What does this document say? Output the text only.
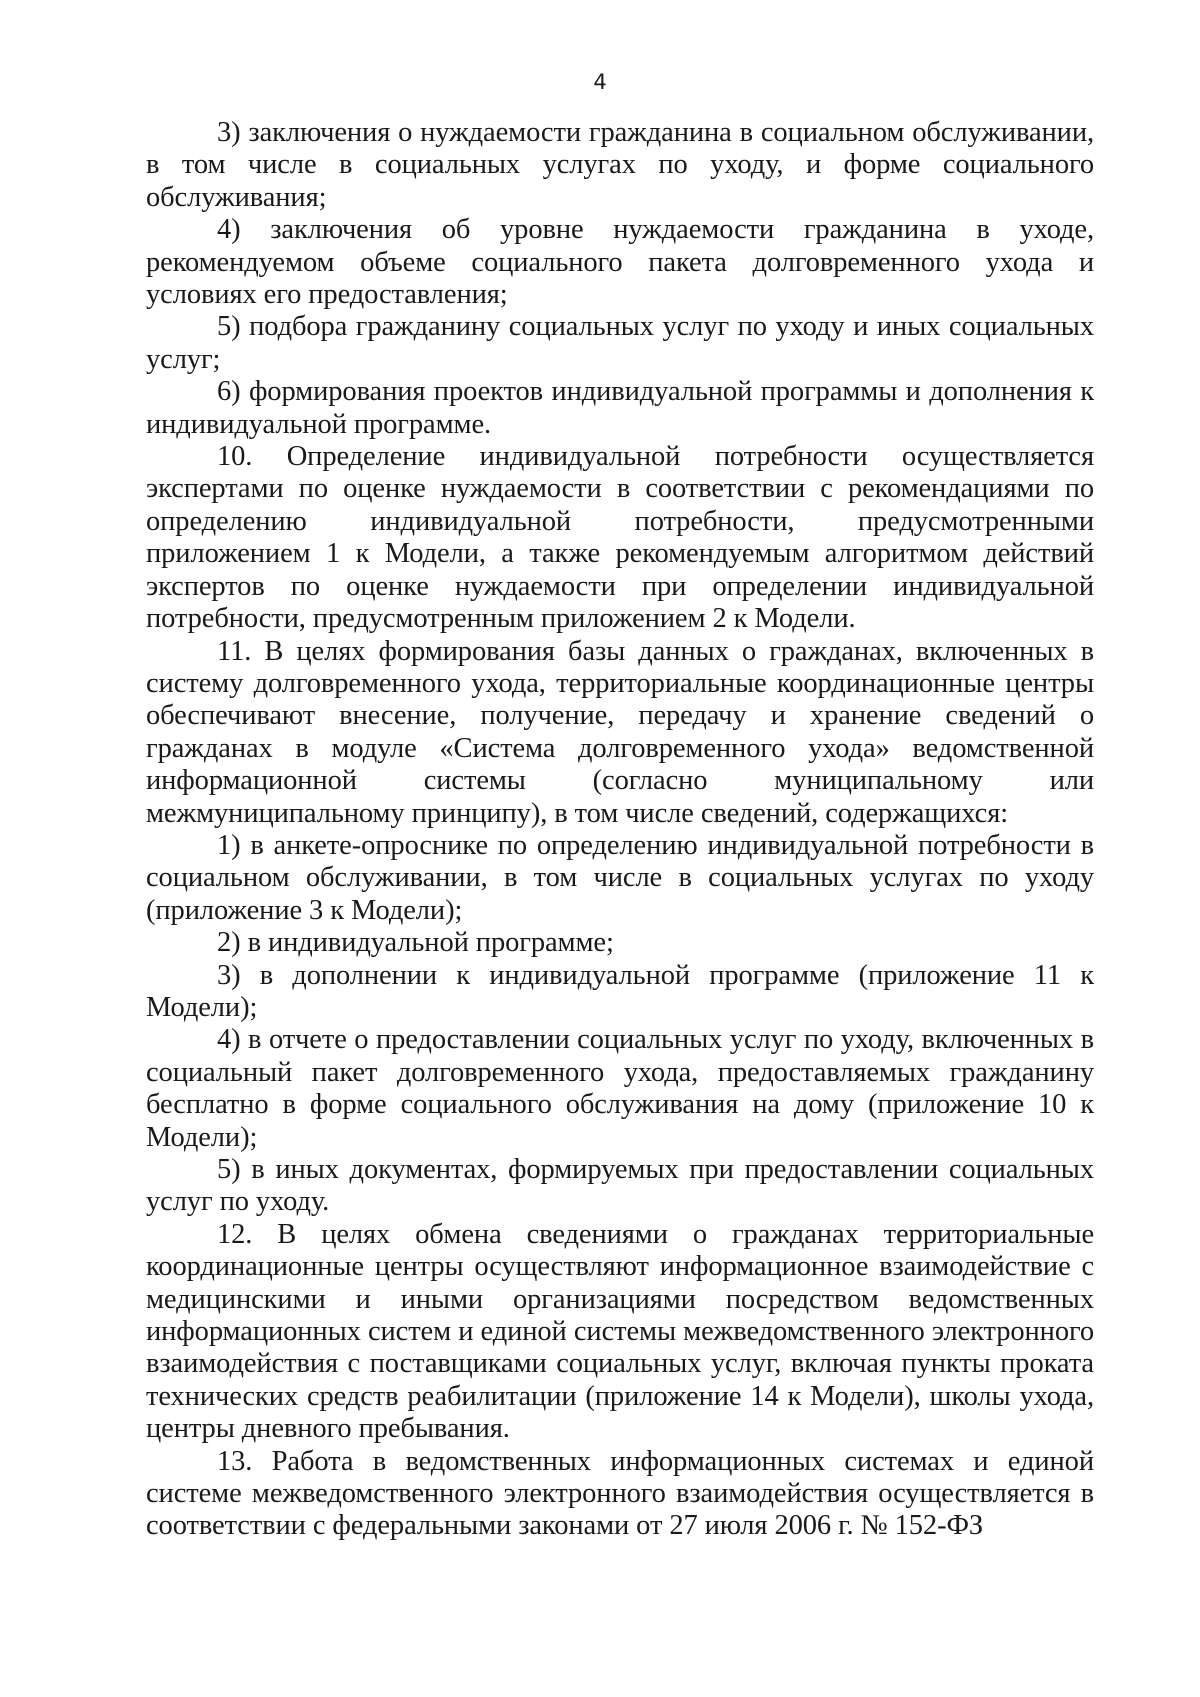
4

3) заключения о нуждаемости гражданина в социальном обслуживании, в том числе в социальных услугах по уходу, и форме социального обслуживания;

4) заключения об уровне нуждаемости гражданина в уходе, рекомендуемом объеме социального пакета долговременного ухода и условиях его предоставления;

5) подбора гражданину социальных услуг по уходу и иных социальных услуг;

6) формирования проектов индивидуальной программы и дополнения к индивидуальной программе.

10. Определение индивидуальной потребности осуществляется экспертами по оценке нуждаемости в соответствии с рекомендациями по определению индивидуальной потребности, предусмотренными приложением 1 к Модели, а также рекомендуемым алгоритмом действий экспертов по оценке нуждаемости при определении индивидуальной потребности, предусмотренным приложением 2 к Модели.

11. В целях формирования базы данных о гражданах, включенных в систему долговременного ухода, территориальные координационные центры обеспечивают внесение, получение, передачу и хранение сведений о гражданах в модуле «Система долговременного ухода» ведомственной информационной системы (согласно муниципальному или межмуниципальному принципу), в том числе сведений, содержащихся:

1) в анкете-опроснике по определению индивидуальной потребности в социальном обслуживании, в том числе в социальных услугах по уходу (приложение 3 к Модели);

2) в индивидуальной программе;

3) в дополнении к индивидуальной программе (приложение 11 к Модели);

4) в отчете о предоставлении социальных услуг по уходу, включенных в социальный пакет долговременного ухода, предоставляемых гражданину бесплатно в форме социального обслуживания на дому (приложение 10 к Модели);

5) в иных документах, формируемых при предоставлении социальных услуг по уходу.

12. В целях обмена сведениями о гражданах территориальные координационные центры осуществляют информационное взаимодействие с медицинскими и иными организациями посредством ведомственных информационных систем и единой системы межведомственного электронного взаимодействия с поставщиками социальных услуг, включая пункты проката технических средств реабилитации (приложение 14 к Модели), школы ухода, центры дневного пребывания.

13. Работа в ведомственных информационных системах и единой системе межведомственного электронного взаимодействия осуществляется в соответствии с федеральными законами от 27 июля 2006 г. № 152-ФЗ
